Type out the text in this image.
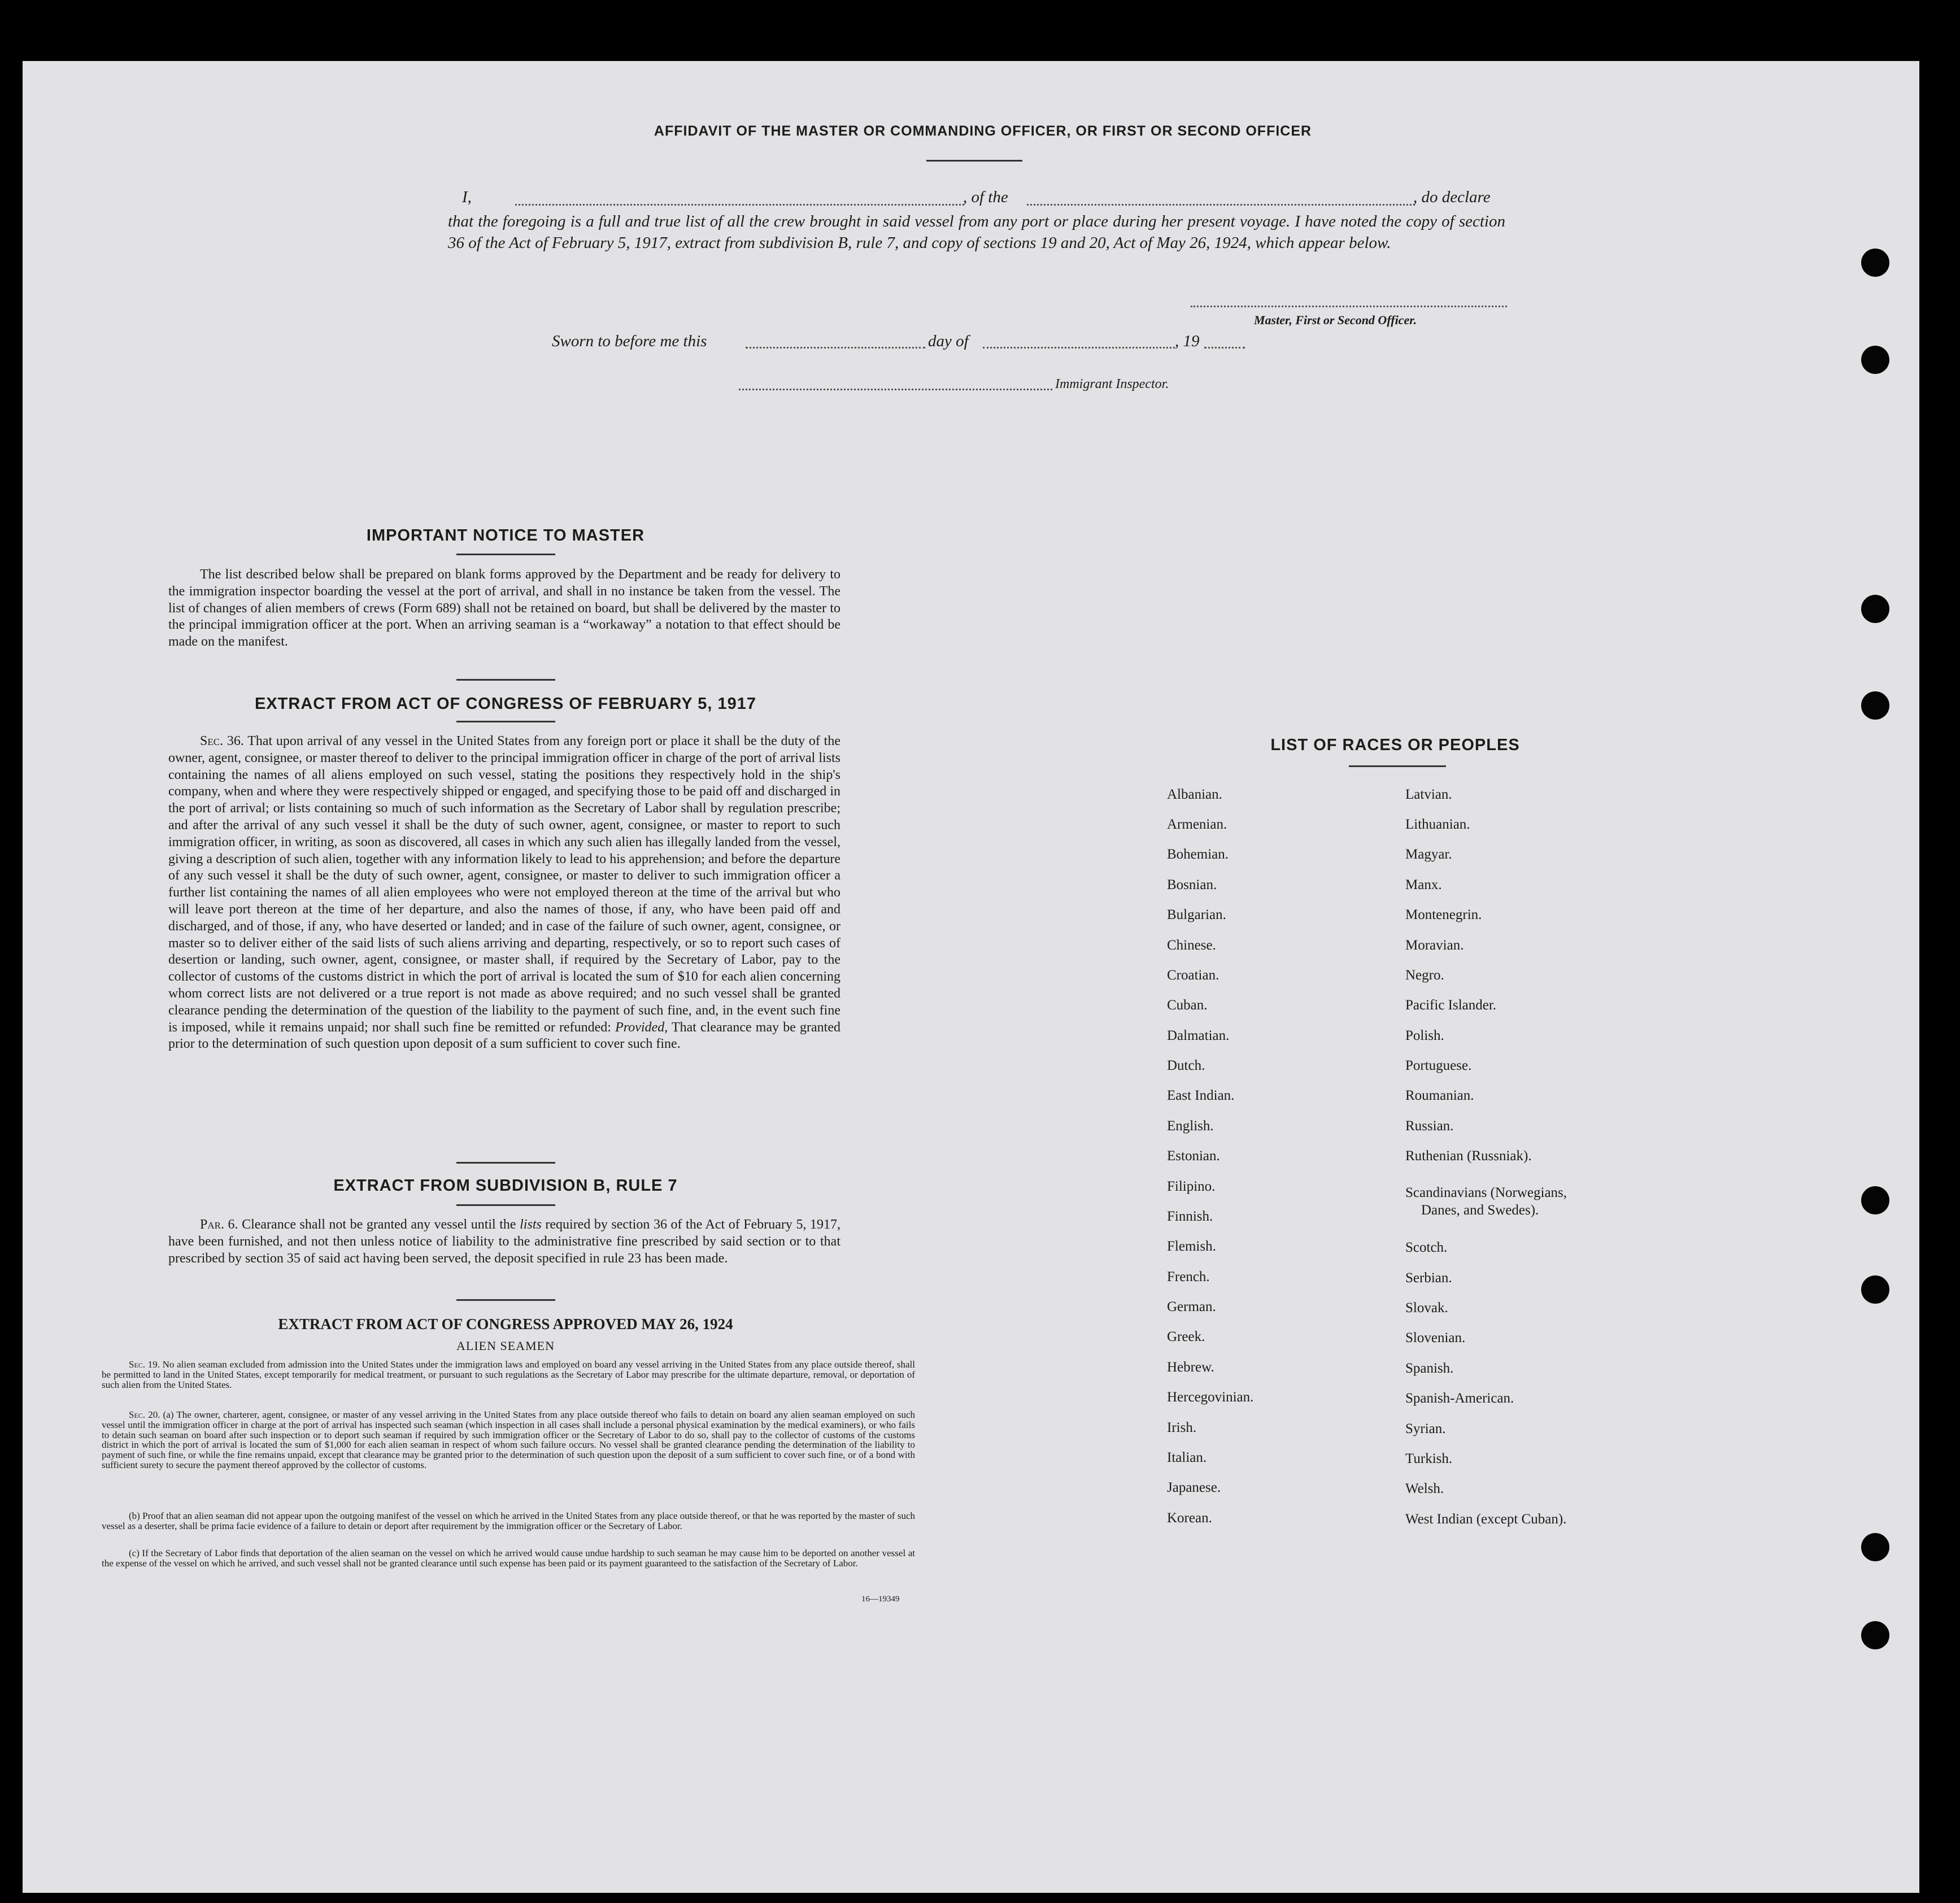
AFFIDAVIT OF THE MASTER OR COMMANDING OFFICER, OR FIRST OR SECOND OFFICER
I,	, of the	, do declare
that the foregoing is a full and true list of all the crew brought in said vessel from any port or place during her present voyage. I have noted the copy of section 36 of the Act of February 5, 1917, extract from subdivision B, rule 7, and copy of sections 19 and 20, Act of May 26, 1924, which appear below.
Master, First or Second Officer.
Sworn to before me this	day of	, 19
Immigrant Inspector.
IMPORTANT NOTICE TO MASTER

The list described below shall be prepared on blank forms approved by the Department and be ready for delivery to the immigration inspector boarding the vessel at the port of arrival, and shall in no instance be taken from the vessel. The list of changes of alien members of crews (Form 689) shall not be retained on board, but shall be delivered by the master to the principal immigration officer at the port. When an arriving seaman is a “workaway” a notation to that effect should be made on the manifest.

EXTRACT FROM ACT OF CONGRESS OF FEBRUARY 5, 1917

Sec. 36. That upon arrival of any vessel in the United States from any foreign port or place it shall be the duty of the owner, agent, consignee, or master thereof to deliver to the principal immigration officer in charge of the port of arrival lists containing the names of all aliens employed on such vessel, stating the positions they respectively hold in the ship's company, when and where they were respectively shipped or engaged, and specifying those to be paid off and discharged in the port of arrival; or lists containing so much of such information as the Secretary of Labor shall by regulation prescribe; and after the arrival of any such vessel it shall be the duty of such owner, agent, consignee, or master to report to such immigration officer, in writing, as soon as discovered, all cases in which any such alien has illegally landed from the vessel, giving a description of such alien, together with any information likely to lead to his apprehension; and before the departure of any such vessel it shall be the duty of such owner, agent, consignee, or master to deliver to such immigration officer a further list containing the names of all alien employees who were not employed thereon at the time of the arrival but who will leave port thereon at the time of her departure, and also the names of those, if any, who have been paid off and discharged, and of those, if any, who have deserted or landed; and in case of the failure of such owner, agent, consignee, or master so to deliver either of the said lists of such aliens arriving and departing, respectively, or so to report such cases of desertion or landing, such owner, agent, consignee, or master shall, if required by the Secretary of Labor, pay to the collector of customs of the customs district in which the port of arrival is located the sum of $10 for each alien concerning whom correct lists are not delivered or a true report is not made as above required; and no such vessel shall be granted clearance pending the determination of the question of the liability to the payment of such fine, and, in the event such fine is imposed, while it remains unpaid; nor shall such fine be remitted or refunded: Provided, That clearance may be granted prior to the determination of such question upon deposit of a sum sufficient to cover such fine.

EXTRACT FROM SUBDIVISION B, RULE 7

Par. 6. Clearance shall not be granted any vessel until the lists required by section 36 of the Act of February 5, 1917, have been furnished, and not then unless notice of liability to the administrative fine prescribed by said section or to that prescribed by section 35 of said act having been served, the deposit specified in rule 23 has been made.

EXTRACT FROM ACT OF CONGRESS APPROVED MAY 26, 1924
ALIEN SEAMEN

Sec. 19. No alien seaman excluded from admission into the United States under the immigration laws and employed on board any vessel arriving in the United States from any place outside thereof, shall be permitted to land in the United States, except temporarily for medical treatment, or pursuant to such regulations as the Secretary of Labor may prescribe for the ultimate departure, removal, or deportation of such alien from the United States.

Sec. 20. (a) The owner, charterer, agent, consignee, or master of any vessel arriving in the United States from any place outside thereof who fails to detain on board any alien seaman employed on such vessel until the immigration officer in charge at the port of arrival has inspected such seaman (which inspection in all cases shall include a personal physical examination by the medical examiners), or who fails to detain such seaman on board after such inspection or to deport such seaman if required by such immigration officer or the Secretary of Labor to do so, shall pay to the collector of customs of the customs district in which the port of arrival is located the sum of $1,000 for each alien seaman in respect of whom such failure occurs. No vessel shall be granted clearance pending the determination of the liability to payment of such fine, or while the fine remains unpaid, except that clearance may be granted prior to the determination of such question upon the deposit of a sum sufficient to cover such fine, or of a bond with sufficient surety to secure the payment thereof approved by the collector of customs.

(b) Proof that an alien seaman did not appear upon the outgoing manifest of the vessel on which he arrived in the United States from any place outside thereof, or that he was reported by the master of such vessel as a deserter, shall be prima facie evidence of a failure to detain or deport after requirement by the immigration officer or the Secretary of Labor.

(c) If the Secretary of Labor finds that deportation of the alien seaman on the vessel on which he arrived would cause undue hardship to such seaman he may cause him to be deported on another vessel at the expense of the vessel on which he arrived, and such vessel shall not be granted clearance until such expense has been paid or its payment guaranteed to the satisfaction of the Secretary of Labor.

16—19349
LIST OF RACES OR PEOPLES
Albanian.
Armenian.
Bohemian.
Bosnian.
Bulgarian.
Chinese.
Croatian.
Cuban.
Dalmatian.
Dutch.
East Indian.
English.
Estonian.
Filipino.
Finnish.
Flemish.
French.
German.
Greek.
Hebrew.
Hercegovinian.
Irish.
Italian.
Japanese.
Korean.
Latvian.
Lithuanian.
Magyar.
Manx.
Montenegrin.
Moravian.
Negro.
Pacific Islander.
Polish.
Portuguese.
Roumanian.
Russian.
Ruthenian (Russniak).
Scandinavians (Norwegians,
Danes, and Swedes).
Scotch.
Serbian.
Slovak.
Slovenian.
Spanish.
Spanish-American.
Syrian.
Turkish.
Welsh.
West Indian (except Cuban).
